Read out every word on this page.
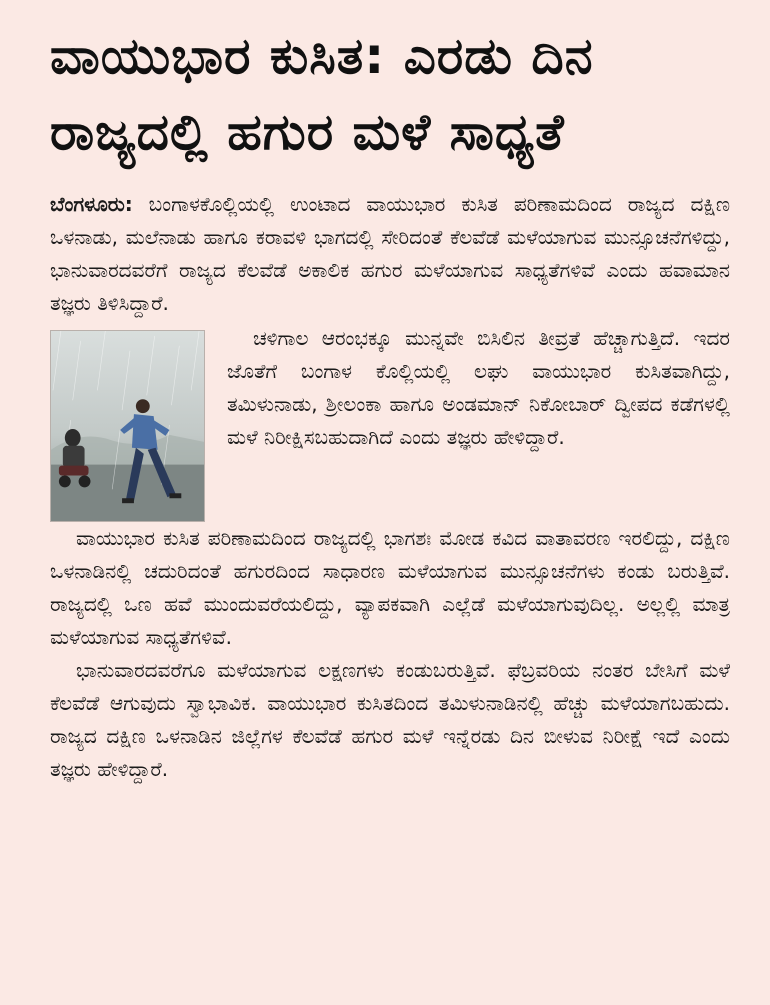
ವಾಯುಭಾರ ಕುಸಿತ: ಎರಡು ದಿನ
ರಾಜ್ಯದಲ್ಲಿ ಹಗುರ ಮಳೆ ಸಾಧ್ಯತೆ

ಬೆಂಗಳೂರು: ಬಂಗಾಳಕೊಲ್ಲಿಯಲ್ಲಿ ಉಂಟಾದ ವಾಯುಭಾರ ಕುಸಿತ ಪರಿಣಾಮದಿಂದ ರಾಜ್ಯದ ದಕ್ಷಿಣ ಒಳನಾಡು, ಮಲೆನಾಡು ಹಾಗೂ ಕರಾವಳಿ ಭಾಗದಲ್ಲಿ ಸೇರಿದಂತೆ ಕೆಲವೆಡೆ ಮಳೆಯಾಗುವ ಮುನ್ಸೂಚನೆಗಳಿದ್ದು, ಭಾನುವಾರದವರೆಗೆ ರಾಜ್ಯದ ಕೆಲವೆಡೆ ಅಕಾಲಿಕ ಹಗುರ ಮಳೆಯಾಗುವ ಸಾಧ್ಯತೆಗಳಿವೆ ಎಂದು ಹವಾಮಾನ ತಜ್ಞರು ತಿಳಿಸಿದ್ದಾರೆ.

ಚಳಿಗಾಲ ಆರಂಭಕ್ಕೂ ಮುನ್ನವೇ ಬಿಸಿಲಿನ ತೀವ್ರತೆ ಹೆಚ್ಚಾಗುತ್ತಿದೆ. ಇದರ ಜೊತೆಗೆ ಬಂಗಾಳ ಕೊಲ್ಲಿಯಲ್ಲಿ ಲಘು ವಾಯುಭಾರ ಕುಸಿತವಾಗಿದ್ದು, ತಮಿಳುನಾಡು, ಶ್ರೀಲಂಕಾ ಹಾಗೂ ಅಂಡಮಾನ್ ನಿಕೋಬಾರ್ ದ್ವೀಪದ ಕಡೆಗಳಲ್ಲಿ ಮಳೆ ನಿರೀಕ್ಷಿಸಬಹುದಾಗಿದೆ ಎಂದು ತಜ್ಞರು ಹೇಳಿದ್ದಾರೆ.

ವಾಯುಭಾರ ಕುಸಿತ ಪರಿಣಾಮದಿಂದ ರಾಜ್ಯದಲ್ಲಿ ಭಾಗಶಃ ಮೋಡ ಕವಿದ ವಾತಾವರಣ ಇರಲಿದ್ದು, ದಕ್ಷಿಣ ಒಳನಾಡಿನಲ್ಲಿ ಚದುರಿದಂತೆ ಹಗುರದಿಂದ ಸಾಧಾರಣ ಮಳೆಯಾಗುವ ಮುನ್ಸೂಚನೆಗಳು ಕಂಡು ಬರುತ್ತಿವೆ. ರಾಜ್ಯದಲ್ಲಿ ಒಣ ಹವೆ ಮುಂದುವರೆಯಲಿದ್ದು, ವ್ಯಾಪಕವಾಗಿ ಎಲ್ಲೆಡೆ ಮಳೆಯಾಗುವುದಿಲ್ಲ. ಅಲ್ಲಲ್ಲಿ ಮಾತ್ರ ಮಳೆಯಾಗುವ ಸಾಧ್ಯತೆಗಳಿವೆ.

ಭಾನುವಾರದವರೆಗೂ ಮಳೆಯಾಗುವ ಲಕ್ಷಣಗಳು ಕಂಡುಬರುತ್ತಿವೆ. ಫೆಬ್ರವರಿಯ ನಂತರ ಬೇಸಿಗೆ ಮಳೆ ಕೆಲವೆಡೆ ಆಗುವುದು ಸ್ವಾಭಾವಿಕ. ವಾಯುಭಾರ ಕುಸಿತದಿಂದ ತಮಿಳುನಾಡಿನಲ್ಲಿ ಹೆಚ್ಚು ಮಳೆಯಾಗಬಹುದು. ರಾಜ್ಯದ ದಕ್ಷಿಣ ಒಳನಾಡಿನ ಜಿಲ್ಲೆಗಳ ಕೆಲವೆಡೆ ಹಗುರ ಮಳೆ ಇನ್ನೆರಡು ದಿನ ಬೀಳುವ ನಿರೀಕ್ಷೆ ಇದೆ ಎಂದು ತಜ್ಞರು ಹೇಳಿದ್ದಾರೆ.
